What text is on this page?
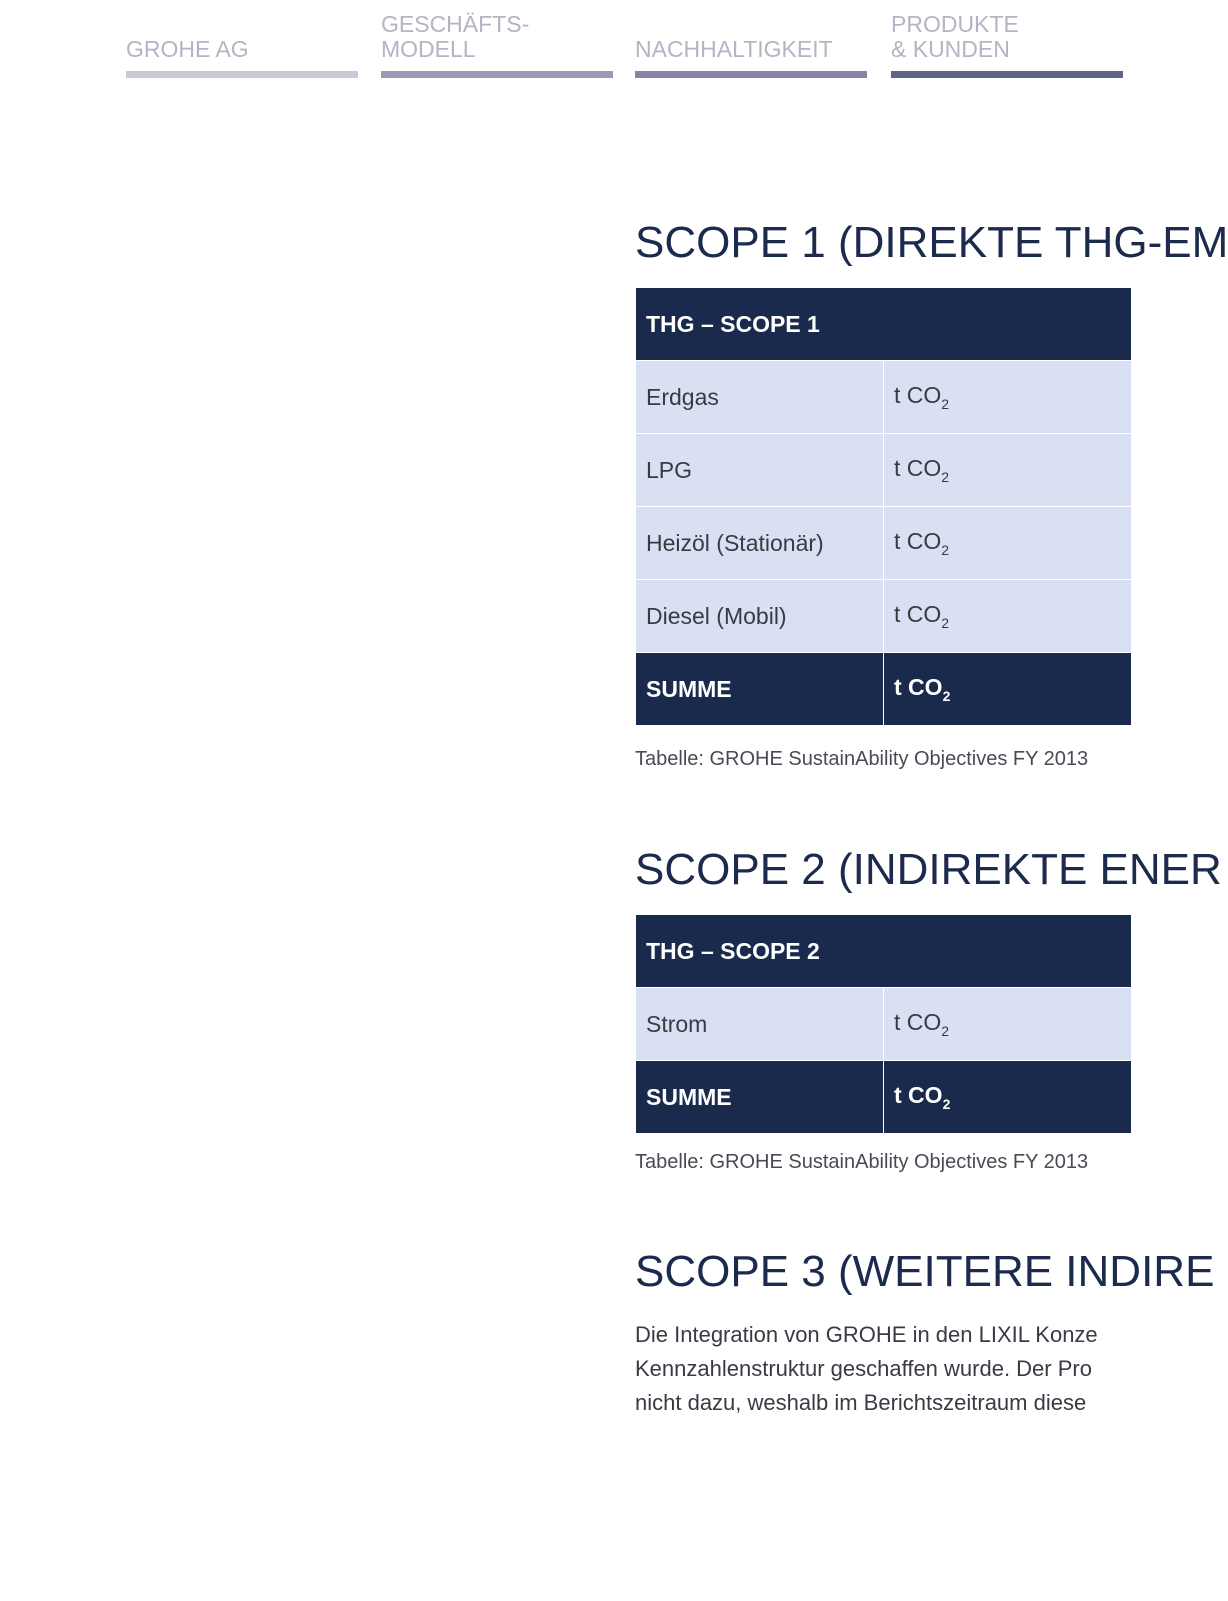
GROHE AG
GESCHÄFTS-
MODELL	NACHHALTIGKEIT
PRODUKTE
& KUNDEN
SCOPE 1 (DIREKTE THG-EM
THG – SCOPE 1	
Erdgas	t $CO_2$
LPG	t $CO_2$
Heizöl (Stationär)	t $CO_2$
Diesel (Mobil)	t $CO_2$
SUMME	t $CO_2$
Tabelle: GROHE SustainAbility Objectives FY 2013
SCOPE 2 (INDIREKTE ENER
THG – SCOPE 2	
Strom	t $CO_2$
SUMME	t $CO_2$
Tabelle: GROHE SustainAbility Objectives FY 2013
SCOPE 3 (WEITERE INDIRE
Die Integration von GROHE in den LIXIL Konze
Kennzahlenstruktur geschaffen wurde. Der Pro
nicht dazu, weshalb im Berichtszeitraum diese
